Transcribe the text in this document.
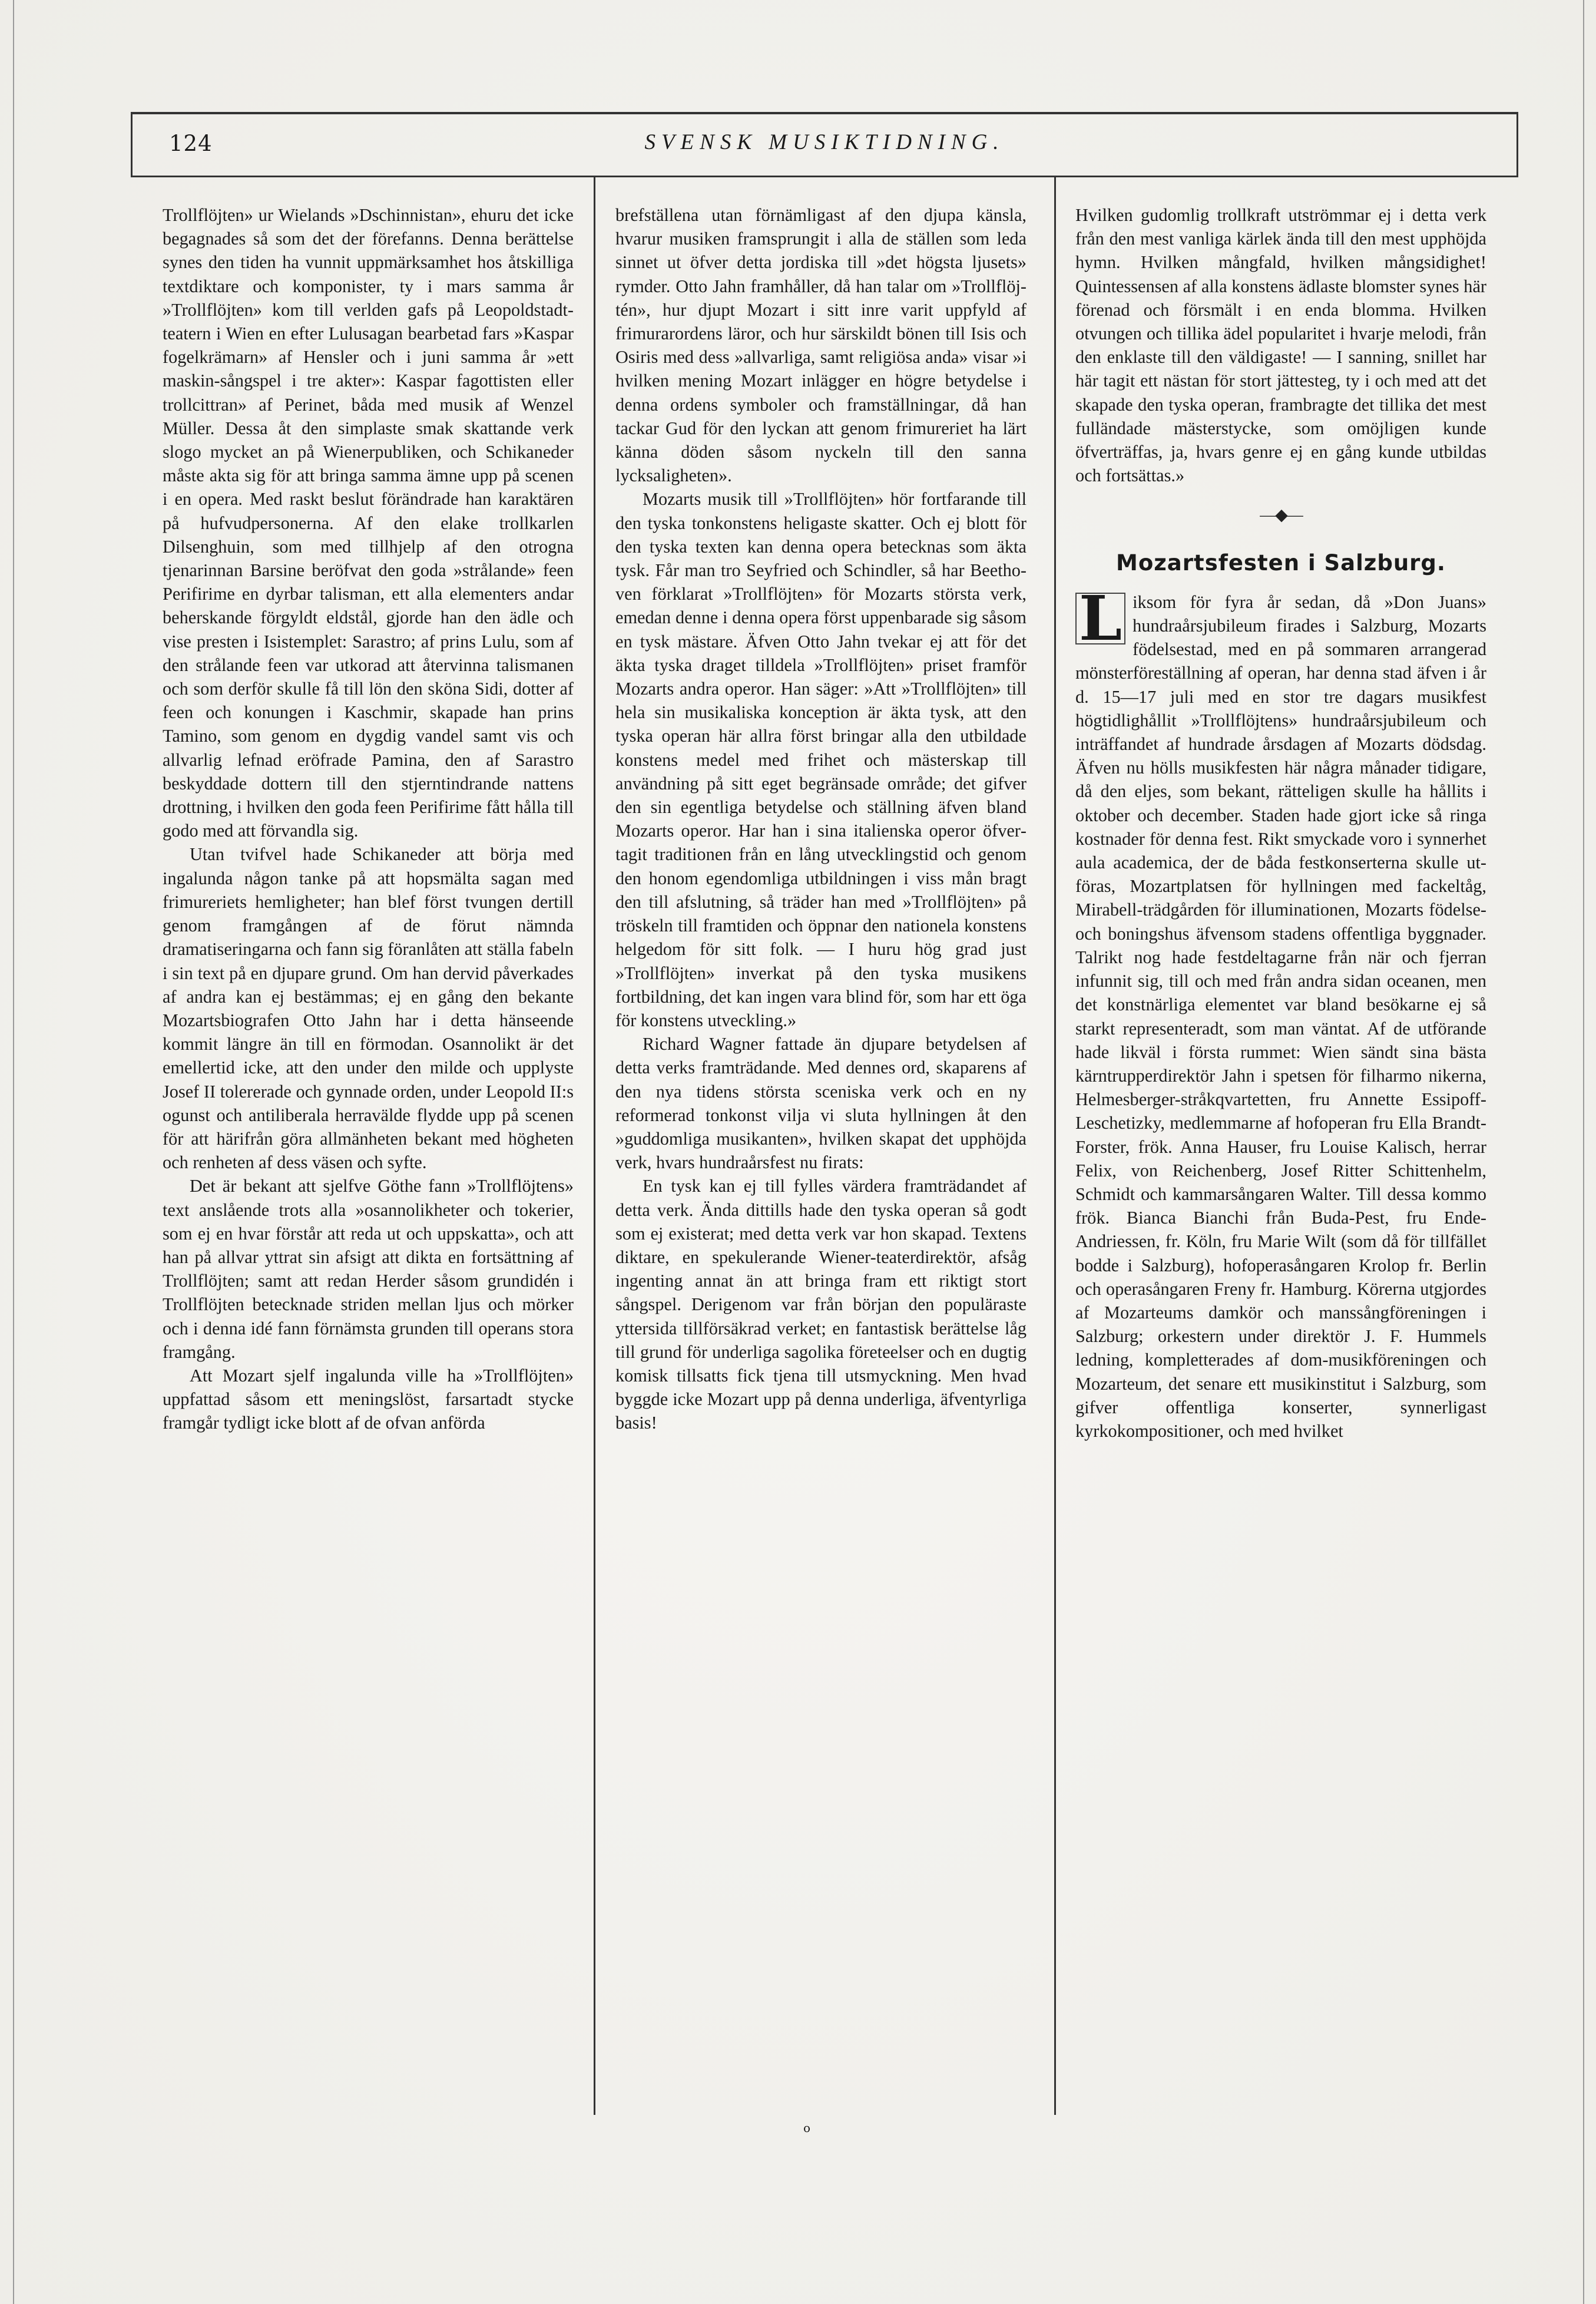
124	SVENSK MUSIKTIDNING.

Trollflöjten» ur Wielands »Dschinnistan», ehuru det icke begagnades så som det der förefanns. Denna berättelse synes den tiden ha vunnit uppmärksamhet hos åtskilliga textdiktare och komponister, ty i mars samma år »Trollflöjten» kom till verlden gafs på Leopoldstadt-teatern i Wien en efter Lulusagan bearbetad fars »Kaspar fogelkrämarn» af Hensler och i juni samma år »ett maskin-sångspel i tre akter»: Kaspar fagottisten eller trollcittran» af Perinet, båda med musik af Wenzel Müller. Dessa åt den simplaste smak skattande verk slogo mycket an på Wienerpubliken, och Schikaneder måste akta sig för att bringa samma ämne upp på scenen i en opera. Med raskt beslut förändrade han karaktären på hufvudpersonerna. Af den elake trollkarlen Dilsenghuin, som med tillhjelp af den otrogna tjenarinnan Barsine beröfvat den goda »strålande» feen Perifirime en dyrbar talisman, ett alla elementers andar beherskande förgyldt eldstål, gjorde han den ädle och vise presten i Isistemplet: Sarastro; af prins Lulu, som af den strålande feen var utkorad att återvinna talismanen och som derför skulle få till lön den sköna Sidi, dotter af feen och konungen i Kaschmir, skapade han prins Tamino, som genom en dygdig vandel samt vis och allvarlig lefnad eröfrade Pamina, den af Sarastro beskyddade dottern till den stjerntindrande nattens drottning, i hvilken den goda feen Perifirime fått hålla till godo med att förvandla sig.

Utan tvifvel hade Schikaneder att börja med ingalunda någon tanke på att hopsmälta sagan med frimureriets hemligheter; han blef först tvungen dertill genom framgången af de förut nämnda dramatiseringarna och fann sig föranlåten att ställa fabeln i sin text på en djupare grund. Om han dervid påverkades af andra kan ej bestämmas; ej en gång den bekante Mozartsbiografen Otto Jahn har i detta hänseende kommit längre än till en förmodan. Osannolikt är det emellertid icke, att den under den milde och upplyste Josef II tolererade och gynnade orden, under Leopold II:s ogunst och antiliberala herravälde flydde upp på scenen för att härifrån göra allmänheten bekant med högheten och renheten af dess väsen och syfte.

Det är bekant att sjelfve Göthe fann »Trollflöjtens» text anslående trots alla »osannolikheter och tokerier, som ej en hvar förstår att reda ut och uppskatta», och att han på allvar yttrat sin afsigt att dikta en fortsättning af Trollflöjten; samt att redan Herder såsom grundidén i Trollflöjten betecknade striden mellan ljus och mörker och i denna idé fann förnämsta grunden till operans stora framgång.

Att Mozart sjelf ingalunda ville ha »Trollflöjten» uppfattad såsom ett meningslöst, farsartadt stycke framgår tydligt icke blott af de ofvan anförda

brefställena utan förnämligast af den djupa känsla, hvarur musiken framsprungit i alla de ställen som leda sinnet ut öfver detta jordiska till »det högsta ljusets» rymder. Otto Jahn framhåller, då han talar om »Trollflöjtén», hur djupt Mozart i sitt inre varit uppfyld af frimurarordens läror, och hur särskildt bönen till Isis och Osiris med dess »allvarliga, samt religiösa anda» visar »i hvilken mening Mozart inlägger en högre betydelse i denna ordens symboler och framställningar, då han tackar Gud för den lyckan att genom frimureriet ha lärt känna döden såsom nyckeln till den sanna lycksaligheten».

Mozarts musik till »Trollflöjten» hör fortfarande till den tyska tonkonstens heligaste skatter. Och ej blott för den tyska texten kan denna opera betecknas som äkta tysk. Får man tro Seyfried och Schindler, så har Beethoven förklarat »Trollflöjten» för Mozarts största verk, emedan denne i denna opera först uppenbarade sig såsom en tysk mästare. Äfven Otto Jahn tvekar ej att för det äkta tyska draget tilldela »Trollflöjten» priset framför Mozarts andra operor. Han säger: »Att »Trollflöjten» till hela sin musikaliska konception är äkta tysk, att den tyska operan här allra först bringar alla den utbildade konstens medel med frihet och mästerskap till användning på sitt eget begränsade område; det gifver den sin egentliga betydelse och ställning äfven bland Mozarts operor. Har han i sina italienska operor öfvertagit traditionen från en lång utvecklingstid och genom den honom egendomliga utbildningen i viss mån bragt den till afslutning, så träder han med »Trollflöjten» på tröskeln till framtiden och öppnar den nationela konstens helgedom för sitt folk. — I huru hög grad just »Trollflöjten» inverkat på den tyska musikens fortbildning, det kan ingen vara blind för, som har ett öga för konstens utveckling.»

Richard Wagner fattade än djupare betydelsen af detta verks framträdande. Med dennes ord, skaparens af den nya tidens största sceniska verk och en ny reformerad tonkonst vilja vi sluta hyllningen åt den »guddomliga musikanten», hvilken skapat det upphöjda verk, hvars hundraårsfest nu firats:

En tysk kan ej till fylles värdera framträdandet af detta verk. Ända dittills hade den tyska operan så godt som ej existerat; med detta verk var hon skapad. Textens diktare, en spekulerande Wiener-teaterdirektör, afsåg ingenting annat än att bringa fram ett riktigt stort sångspel. Derigenom var från början den populäraste yttersida tillförsäkrad verket; en fantastisk berättelse låg till grund för underliga sagolika företeelser och en dugtig komisk tillsatts fick tjena till utsmyckning. Men hvad byggde icke Mozart upp på denna underliga, äfventyrliga basis!

Hvilken gudomlig trollkraft utströmmar ej i detta verk från den mest vanliga kärlek ända till den mest upphöjda hymn. Hvilken mångfald, hvilken mångsidighet! Quintessensen af alla konstens ädlaste blomster synes här förenad och försmält i en enda blomma. Hvilken otvungen och tillika ädel popularitet i hvarje melodi, från den enklaste till den väldigaste! — I sanning, snillet har här tagit ett nästan för stort jättesteg, ty i och med att det skapade den tyska operan, frambragte det tillika det mest fulländade mästerstycke, som omöjligen kunde öfverträffas, ja, hvars genre ej en gång kunde utbildas och fortsättas.»

—◆—
Mozartsfesten i Salzburg.

L iksom för fyra år sedan, då »Don Juans» hundraårsjubileum firades i Salzburg, Mozarts födelsestad, med en på sommaren arrangerad mönsterföreställning af operan, har denna stad äfven i år d. 15—17 juli med en stor tre dagars musikfest högtidlighållit »Trollflöjtens» hundraårsjubileum och inträffandet af hundrade årsdagen af Mozarts dödsdag. Äfven nu hölls musikfesten här några månader tidigare, då den eljes, som bekant, rätteligen skulle ha hållits i oktober och december. Staden hade gjort icke så ringa kostnader för denna fest. Rikt smyckade voro i synnerhet aula academica, der de båda festkonserterna skulle utföras, Mozartplatsen för hyllningen med fackeltåg, Mirabell-trädgården för illuminationen, Mozarts födelse- och boningshus äfvensom stadens offentliga byggnader. Talrikt nog hade festdeltagarne från när och fjerran infunnit sig, till och med från andra sidan oceanen, men det konstnärliga elementet var bland besökarne ej så starkt representeradt, som man väntat. Af de utförande hade likväl i första rummet: Wien sändt sina bästa kärntrupperdirektör Jahn i spetsen för filharmo nikerna, Helmesberger-stråkqvartetten, fru Annette Essipoff-Leschetizky, medlemmarne af hofoperan fru Ella Brandt-Forster, frök. Anna Hauser, fru Louise Kalisch, herrar Felix, von Reichenberg, Josef Ritter Schittenhelm, Schmidt och kammarsångaren Walter. Till dessa kommo frök. Bianca Bianchi från Buda-Pest, fru Ende-Andriessen, fr. Köln, fru Marie Wilt (som då för tillfället bodde i Salzburg), hofoperasångaren Krolop fr. Berlin och operasångaren Freny fr. Hamburg. Körerna utgjordes af Mozarteums damkör och manssångföreningen i Salzburg; orkestern under direktör J. F. Hummels ledning, kompletterades af dom-musikföreningen och Mozarteum, det senare ett musikinstitut i Salzburg, som gifver offentliga konserter, synnerligast kyrkokompositioner, och med hvilket

o
